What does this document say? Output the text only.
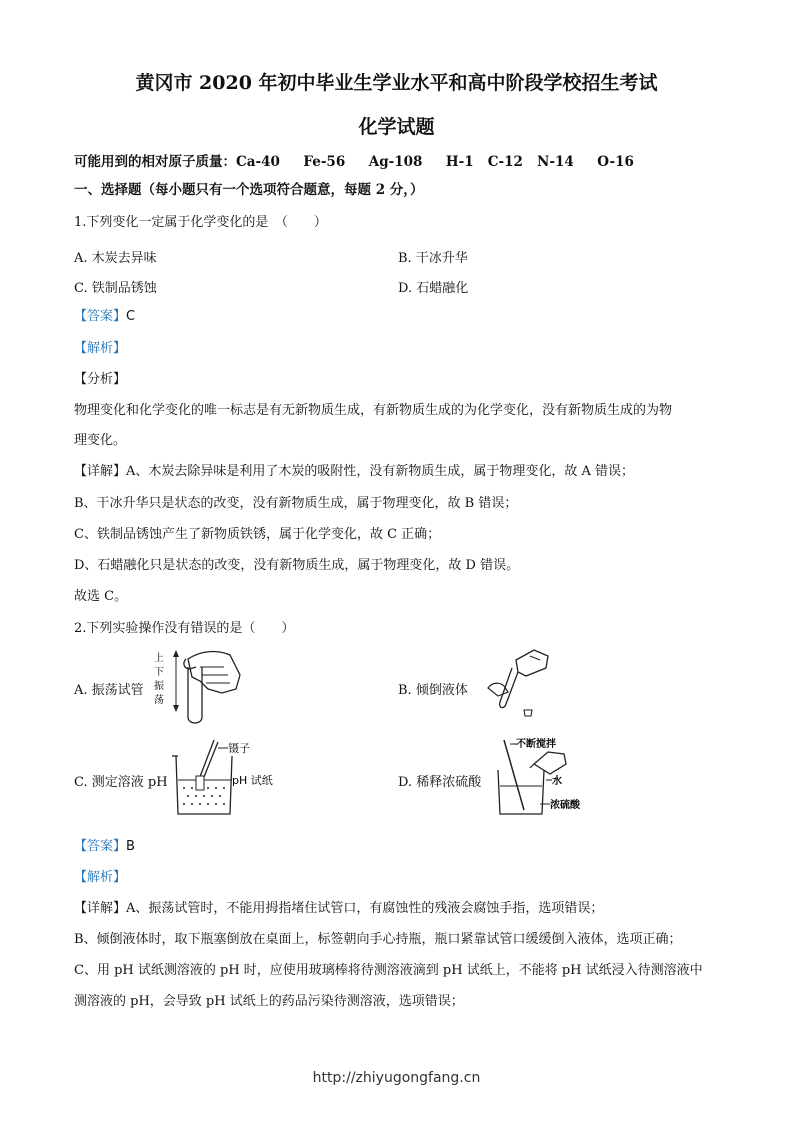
黄冈市 2020 年初中毕业生学业水平和高中阶段学校招生考试
化学试题
可能用到的相对原子质量：Ca-40 Fe-56 Ag-108 H-1 C-12 N-14 O-16
一、选择题（每小题只有一个选项符合题意，每题 2 分，）
1.下列变化一定属于化学变化的是　（　　）
A. 木炭去异味	B. 干冰升华
C. 铁制品锈蚀	D. 石蜡融化
【答案】C
【解析】
【分析】
物理变化和化学变化的唯一标志是有无新物质生成，有新物质生成的为化学变化，没有新物质生成的为物
理变化。
【详解】A、木炭去除异味是利用了木炭的吸附性，没有新物质生成，属于物理变化，故 A 错误；
B、干冰升华只是状态的改变，没有新物质生成，属于物理变化，故 B 错误；
C、铁制品锈蚀产生了新物质铁锈，属于化学变化，故 C 正确；
D、石蜡融化只是状态的改变，没有新物质生成，属于物理变化，故 D 错误。
故选 C。
2.下列实验操作没有错误的是（　　）
A. 振荡试管
上
下
振
荡
B. 倾倒液体
C. 测定溶液 pH
镊子
pH 试纸	D. 稀释浓硫酸
不断搅拌
水
浓硫酸
【答案】B
【解析】
【详解】A、振荡试管时，不能用拇指堵住试管口，有腐蚀性的残液会腐蚀手指，选项错误；
B、倾倒液体时，取下瓶塞倒放在桌面上，标签朝向手心持瓶，瓶口紧靠试管口缓缓倒入液体，选项正确；
C、用 pH 试纸测溶液的 pH 时，应使用玻璃棒将待测溶液滴到 pH 试纸上，不能将 pH 试纸浸入待测溶液中
测溶液的 pH，会导致 pH 试纸上的药品污染待测溶液，选项错误；
http://zhiyugongfang.cn
